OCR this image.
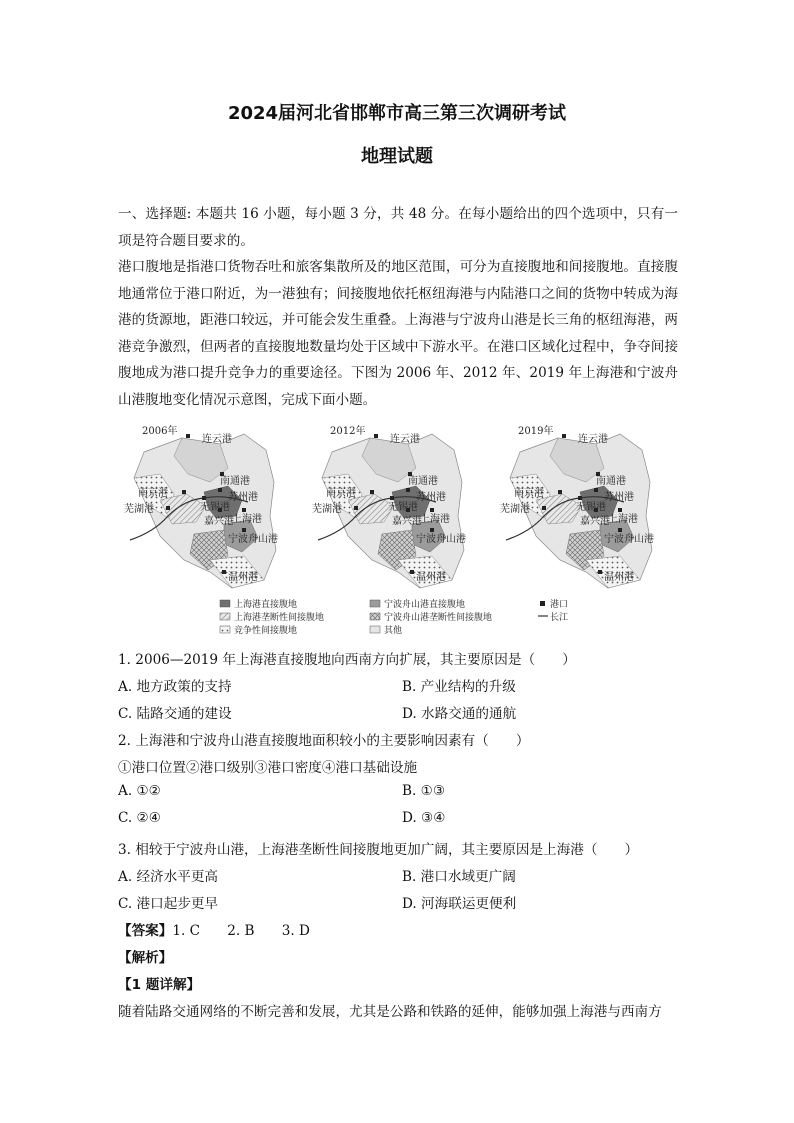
2024届河北省邯郸市高三第三次调研考试
地理试题

一、选择题: 本题共 16 小题，每小题 3 分，共 48 分。在每小题给出的四个选项中，只有一项是符合题目要求的。

港口腹地是指港口货物吞吐和旅客集散所及的地区范围，可分为直接腹地和间接腹地。直接腹地通常位于港口附近，为一港独有；间接腹地依托枢纽海港与内陆港口之间的货物中转成为海港的货源地，距港口较远，并可能会发生重叠。上海港与宁波舟山港是长三角的枢纽海港，两港竞争激烈，但两者的直接腹地数量均处于区域中下游水平。在港口区域化过程中，争夺间接腹地成为港口提升竞争力的重要途径。下图为 2006 年、2012 年、2019 年上海港和宁波舟山港腹地变化情况示意图，完成下面小题。

2006年
连云港
南通港
南京港	苏州港
无锡港
芜湖港
嘉兴港
上海港
宁波舟山港
温州港
2012年
连云港
南通港
南京港	苏州港
无锡港
芜湖港
嘉兴港
上海港
宁波舟山港
温州港
2019年
连云港
南通港
南京港	苏州港
无锡港
芜湖港
嘉兴港
上海港
宁波舟山港
温州港
上海港直接腹地
上海港垄断性间接腹地
竞争性间接腹地
宁波舟山港直接腹地
宁波舟山港垄断性间接腹地
其他
港口
长江
1. 2006—2019 年上海港直接腹地向西南方向扩展，其主要原因是（　　）
A. 地方政策的支持	B. 产业结构的升级
C. 陆路交通的建设	D. 水路交通的通航
2. 上海港和宁波舟山港直接腹地面积较小的主要影响因素有（　　）
①港口位置②港口级别③港口密度④港口基础设施
A. ①②	B. ①③
C. ②④	D. ③④
3. 相较于宁波舟山港，上海港垄断性间接腹地更加广阔，其主要原因是上海港（　　）
A. 经济水平更高	B. 港口水域更广阔
C. 港口起步更早	D. 河海联运更便利
【答案】1. C　　2. B　　3. D
【解析】
【1 题详解】
随着陆路交通网络的不断完善和发展，尤其是公路和铁路的延伸，能够加强上海港与西南方
